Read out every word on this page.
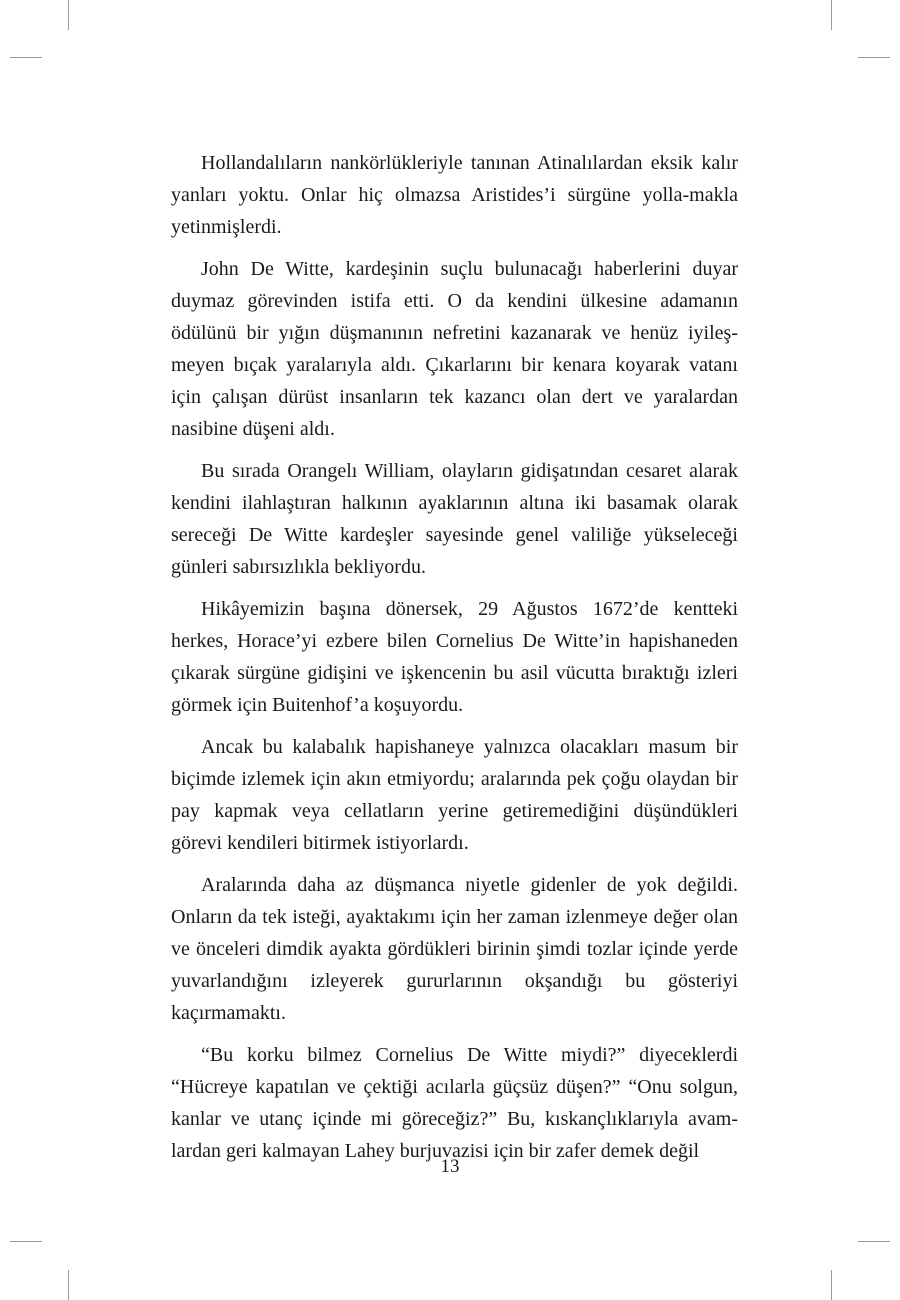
Hollandalıların nankörlükleriyle tanınan Atinalılardan eksik kalır yanları yoktu. Onlar hiç olmazsa Aristides’i sürgüne yolla-makla yetinmişlerdi.

John De Witte, kardeşinin suçlu bulunacağı haberlerini duyar duymaz görevinden istifa etti. O da kendini ülkesine adamanın ödülünü bir yığın düşmanının nefretini kazanarak ve henüz iyileş-meyen bıçak yaralarıyla aldı. Çıkarlarını bir kenara koyarak vatanı için çalışan dürüst insanların tek kazancı olan dert ve yaralardan nasibine düşeni aldı.

Bu sırada Orangelı William, olayların gidişatından cesaret alarak kendini ilahlaştıran halkının ayaklarının altına iki basamak olarak sereceği De Witte kardeşler sayesinde genel valiliğe yükseleceği günleri sabırsızlıkla bekliyordu.

Hikâyemizin başına dönersek, 29 Ağustos 1672’de kentteki herkes, Horace’yi ezbere bilen Cornelius De Witte’in hapishaneden çıkarak sürgüne gidişini ve işkencenin bu asil vücutta bıraktığı izleri görmek için Buitenhof’a koşuyordu.

Ancak bu kalabalık hapishaneye yalnızca olacakları masum bir biçimde izlemek için akın etmiyordu; aralarında pek çoğu olaydan bir pay kapmak veya cellatların yerine getiremediğini düşündükleri görevi kendileri bitirmek istiyorlardı.

Aralarında daha az düşmanca niyetle gidenler de yok değildi. Onların da tek isteği, ayaktakımı için her zaman izlenmeye değer olan ve önceleri dimdik ayakta gördükleri birinin şimdi tozlar içinde yerde yuvarlandığını izleyerek gururlarının okşandığı bu gösteriyi kaçırmamaktı.

“Bu korku bilmez Cornelius De Witte miydi?” diyeceklerdi “Hücreye kapatılan ve çektiği acılarla güçsüz düşen?” “Onu solgun, kanlar ve utanç içinde mi göreceğiz?” Bu, kıskançlıklarıyla avam-lardan geri kalmayan Lahey burjuvazisi için bir zafer demek değil

13
